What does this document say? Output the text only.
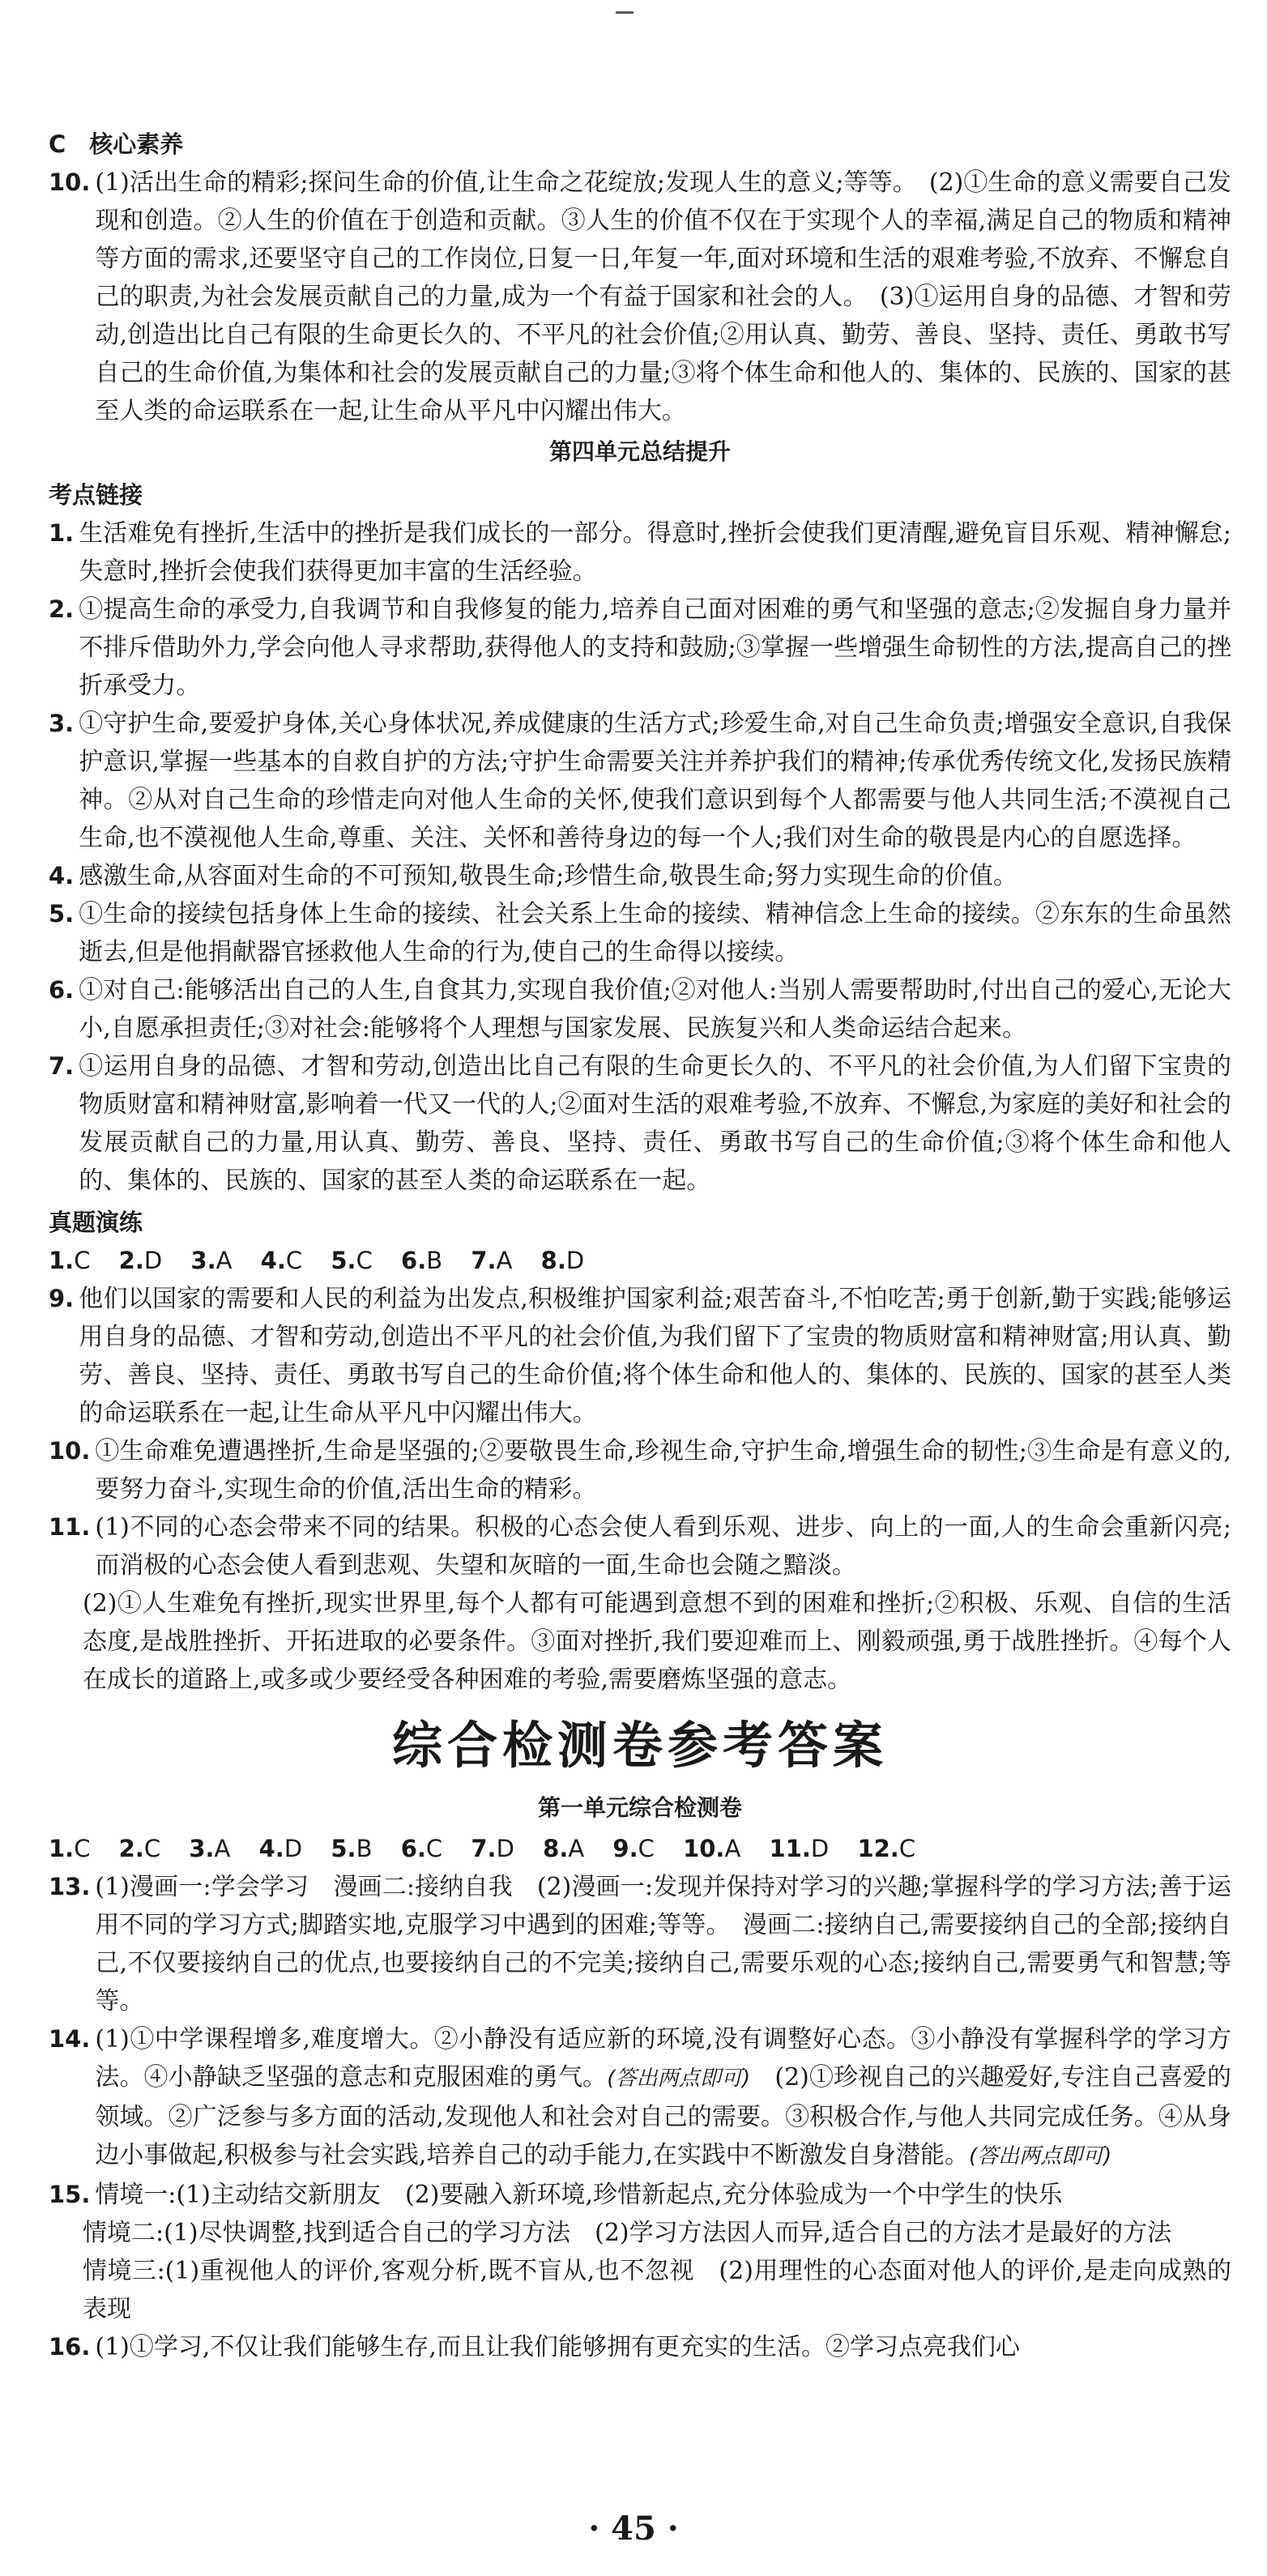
C　核心素养
10. (1)活出生命的精彩;探问生命的价值,让生命之花绽放;发现人生的意义;等等。　(2)①生命的意义需要自己发现和创造。②人生的价值在于创造和贡献。③人生的价值不仅在于实现个人的幸福,满足自己的物质和精神等方面的需求,还要坚守自己的工作岗位,日复一日,年复一年,面对环境和生活的艰难考验,不放弃、不懈怠自己的职责,为社会发展贡献自己的力量,成为一个有益于国家和社会的人。　(3)①运用自身的品德、才智和劳动,创造出比自己有限的生命更长久的、不平凡的社会价值;②用认真、勤劳、善良、坚持、责任、勇敢书写自己的生命价值,为集体和社会的发展贡献自己的力量;③将个体生命和他人的、集体的、民族的、国家的甚至人类的命运联系在一起,让生命从平凡中闪耀出伟大。
第四单元总结提升
考点链接
1. 生活难免有挫折,生活中的挫折是我们成长的一部分。得意时,挫折会使我们更清醒,避免盲目乐观、精神懈怠;失意时,挫折会使我们获得更加丰富的生活经验。
2. ①提高生命的承受力,自我调节和自我修复的能力,培养自己面对困难的勇气和坚强的意志;②发掘自身力量并不排斥借助外力,学会向他人寻求帮助,获得他人的支持和鼓励;③掌握一些增强生命韧性的方法,提高自己的挫折承受力。
3. ①守护生命,要爱护身体,关心身体状况,养成健康的生活方式;珍爱生命,对自己生命负责;增强安全意识,自我保护意识,掌握一些基本的自救自护的方法;守护生命需要关注并养护我们的精神;传承优秀传统文化,发扬民族精神。②从对自己生命的珍惜走向对他人生命的关怀,使我们意识到每个人都需要与他人共同生活;不漠视自己生命,也不漠视他人生命,尊重、关注、关怀和善待身边的每一个人;我们对生命的敬畏是内心的自愿选择。
4. 感激生命,从容面对生命的不可预知,敬畏生命;珍惜生命,敬畏生命;努力实现生命的价值。
5. ①生命的接续包括身体上生命的接续、社会关系上生命的接续、精神信念上生命的接续。②东东的生命虽然逝去,但是他捐献器官拯救他人生命的行为,使自己的生命得以接续。
6. ①对自己:能够活出自己的人生,自食其力,实现自我价值;②对他人:当别人需要帮助时,付出自己的爱心,无论大小,自愿承担责任;③对社会:能够将个人理想与国家发展、民族复兴和人类命运结合起来。
7. ①运用自身的品德、才智和劳动,创造出比自己有限的生命更长久的、不平凡的社会价值,为人们留下宝贵的物质财富和精神财富,影响着一代又一代的人;②面对生活的艰难考验,不放弃、不懈怠,为家庭的美好和社会的发展贡献自己的力量,用认真、勤劳、善良、坚持、责任、勇敢书写自己的生命价值;③将个体生命和他人的、集体的、民族的、国家的甚至人类的命运联系在一起。
真题演练
1.C 2.D 3.A 4.C 5.C 6.B 7.A 8.D
9. 他们以国家的需要和人民的利益为出发点,积极维护国家利益;艰苦奋斗,不怕吃苦;勇于创新,勤于实践;能够运用自身的品德、才智和劳动,创造出不平凡的社会价值,为我们留下了宝贵的物质财富和精神财富;用认真、勤劳、善良、坚持、责任、勇敢书写自己的生命价值;将个体生命和他人的、集体的、民族的、国家的甚至人类的命运联系在一起,让生命从平凡中闪耀出伟大。
10. ①生命难免遭遇挫折,生命是坚强的;②要敬畏生命,珍视生命,守护生命,增强生命的韧性;③生命是有意义的,要努力奋斗,实现生命的价值,活出生命的精彩。
11. (1)不同的心态会带来不同的结果。积极的心态会使人看到乐观、进步、向上的一面,人的生命会重新闪亮;而消极的心态会使人看到悲观、失望和灰暗的一面,生命也会随之黯淡。

(2)①人生难免有挫折,现实世界里,每个人都有可能遇到意想不到的困难和挫折;②积极、乐观、自信的生活态度,是战胜挫折、开拓进取的必要条件。③面对挫折,我们要迎难而上、刚毅顽强,勇于战胜挫折。④每个人在成长的道路上,或多或少要经受各种困难的考验,需要磨炼坚强的意志。

综合检测卷参考答案
第一单元综合检测卷
1.C 2.C 3.A 4.D 5.B 6.C 7.D 8.A 9.C 10.A 11.D 12.C
13. (1)漫画一:学会学习　漫画二:接纳自我　(2)漫画一:发现并保持对学习的兴趣;掌握科学的学习方法;善于运用不同的学习方式;脚踏实地,克服学习中遇到的困难;等等。　漫画二:接纳自己,需要接纳自己的全部;接纳自己,不仅要接纳自己的优点,也要接纳自己的不完美;接纳自己,需要乐观的心态;接纳自己,需要勇气和智慧;等等。
14. (1)①中学课程增多,难度增大。②小静没有适应新的环境,没有调整好心态。③小静没有掌握科学的学习方法。④小静缺乏坚强的意志和克服困难的勇气。(答出两点即可)　 (2)①珍视自己的兴趣爱好,专注自己喜爱的领域。②广泛参与多方面的活动,发现他人和社会对自己的需要。③积极合作,与他人共同完成任务。④从身边小事做起,积极参与社会实践,培养自己的动手能力,在实践中不断激发自身潜能。(答出两点即可)
15. 情境一:(1)主动结交新朋友　(2)要融入新环境,珍惜新起点,充分体验成为一个中学生的快乐

情境二:(1)尽快调整,找到适合自己的学习方法　(2)学习方法因人而异,适合自己的方法才是最好的方法

情境三:(1)重视他人的评价,客观分析,既不盲从,也不忽视　(2)用理性的心态面对他人的评价,是走向成熟的表现

16. (1)①学习,不仅让我们能够生存,而且让我们能够拥有更充实的生活。②学习点亮我们心
· 45 ·
